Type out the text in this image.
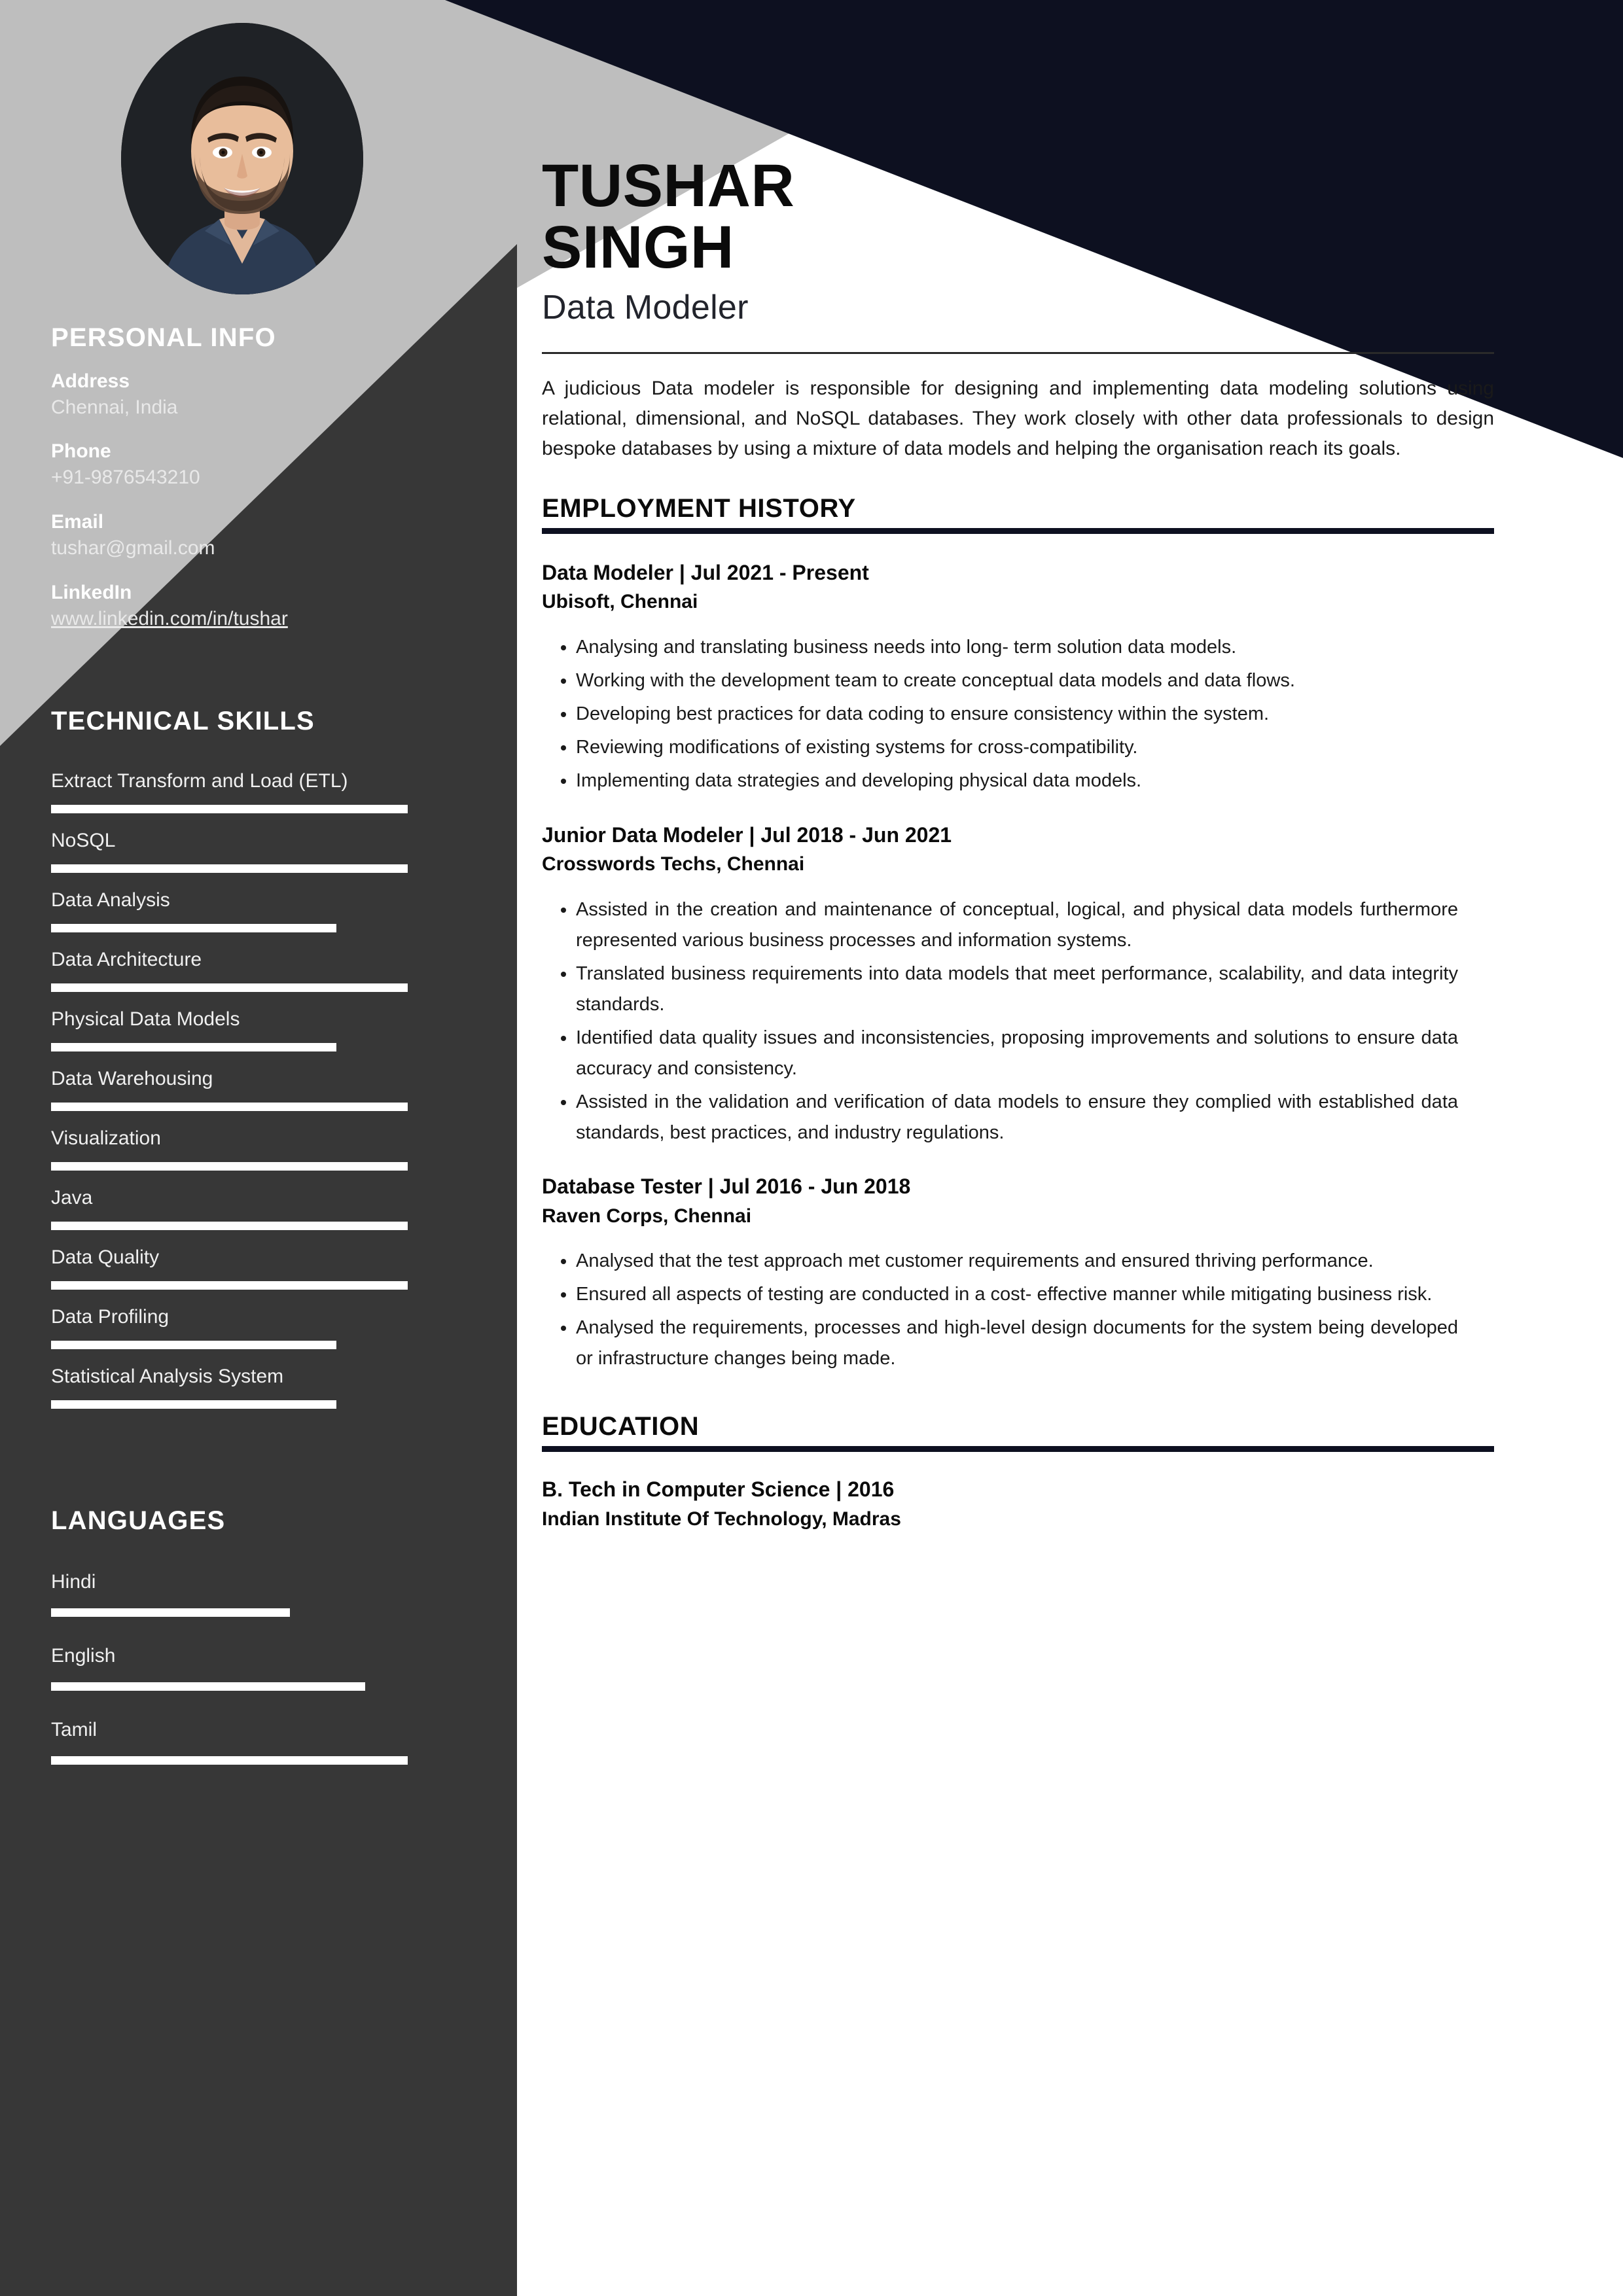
PERSONAL INFO
Address
Chennai, India
Phone
+91-9876543210
Email
tushar@gmail.com
LinkedIn
www.linkedin.com/in/tushar
TECHNICAL SKILLS
Extract Transform and Load (ETL)
NoSQL
Data Analysis
Data Architecture
Physical Data Models
Data Warehousing
Visualization
Java
Data Quality
Data Profiling
Statistical Analysis System
LANGUAGES
Hindi
English
Tamil
TUSHAR
SINGH
Data Modeler
A judicious Data modeler is responsible for designing and implementing data modeling solutions using relational, dimensional, and NoSQL databases. They work closely with other data professionals to design bespoke databases by using a mixture of data models and helping the organisation reach its goals.
EMPLOYMENT HISTORY
Data Modeler | Jul 2021 - Present
Ubisoft, Chennai
• Analysing and translating business needs into long- term solution data models.
• Working with the development team to create conceptual data models and data flows.
• Developing best practices for data coding to ensure consistency within the system.
• Reviewing modifications of existing systems for cross-compatibility.
• Implementing data strategies and developing physical data models.
Junior Data Modeler | Jul 2018 - Jun 2021
Crosswords Techs, Chennai
• Assisted in the creation and maintenance of conceptual, logical, and physical data models furthermore represented various business processes and information systems.
• Translated business requirements into data models that meet performance, scalability, and data integrity standards.
• Identified data quality issues and inconsistencies, proposing improvements and solutions to ensure data accuracy and consistency.
• Assisted in the validation and verification of data models to ensure they complied with established data standards, best practices, and industry regulations.
Database Tester | Jul 2016 - Jun 2018
Raven Corps, Chennai
• Analysed that the test approach met customer requirements and ensured thriving performance.
• Ensured all aspects of testing are conducted in a cost- effective manner while mitigating business risk.
• Analysed the requirements, processes and high-level design documents for the system being developed or infrastructure changes being made.
EDUCATION
B. Tech in Computer Science | 2016
Indian Institute Of Technology, Madras
